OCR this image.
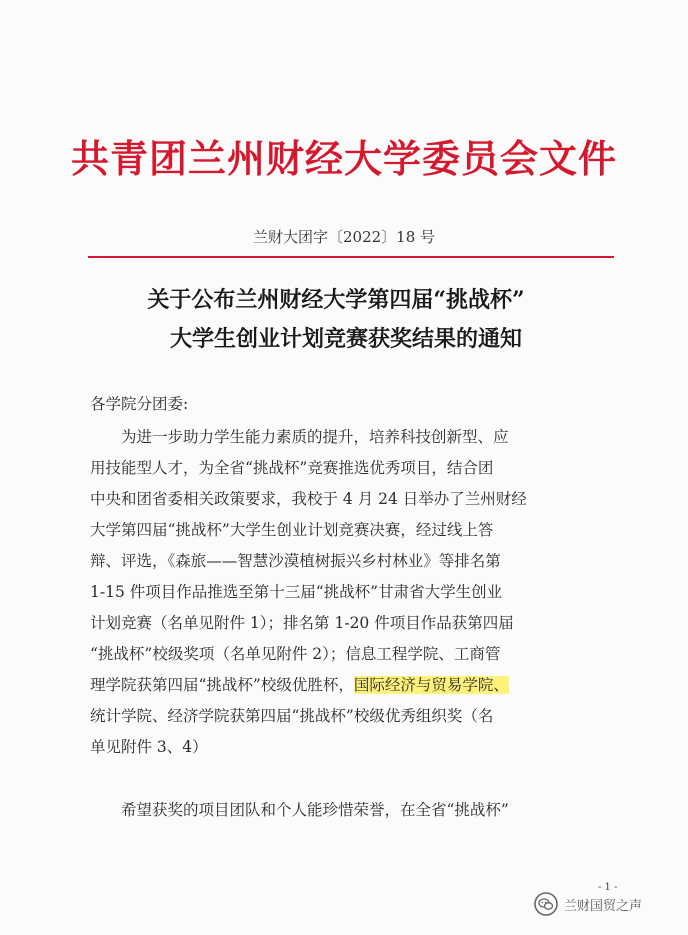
共青团兰州财经大学委员会文件
兰财大团字〔2022〕18 号
关于公布兰州财经大学第四届“挑战杯”
大学生创业计划竞赛获奖结果的通知
各学院分团委:
　　为进一步助力学生能力素质的提升，培养科技创新型、应
用技能型人才，为全省“挑战杯”竞赛推选优秀项目，结合团
中央和团省委相关政策要求，我校于 4 月 24 日举办了兰州财经
大学第四届“挑战杯”大学生创业计划竞赛决赛，经过线上答
辩、评选，《森旅——智慧沙漠植树振兴乡村林业》等排名第
1-15 件项目作品推选至第十三届“挑战杯”甘肃省大学生创业
计划竞赛（名单见附件 1）；排名第 1-20 件项目作品获第四届
“挑战杯”校级奖项（名单见附件 2）；信息工程学院、工商管
理学院获第四届“挑战杯”校级优胜杯，国际经济与贸易学院、
统计学院、经济学院获第四届“挑战杯”校级优秀组织奖（名
单见附件 3、4）
　　希望获奖的项目团队和个人能珍惜荣誉，在全省“挑战杯”
- 1 -
兰财国贸之声
